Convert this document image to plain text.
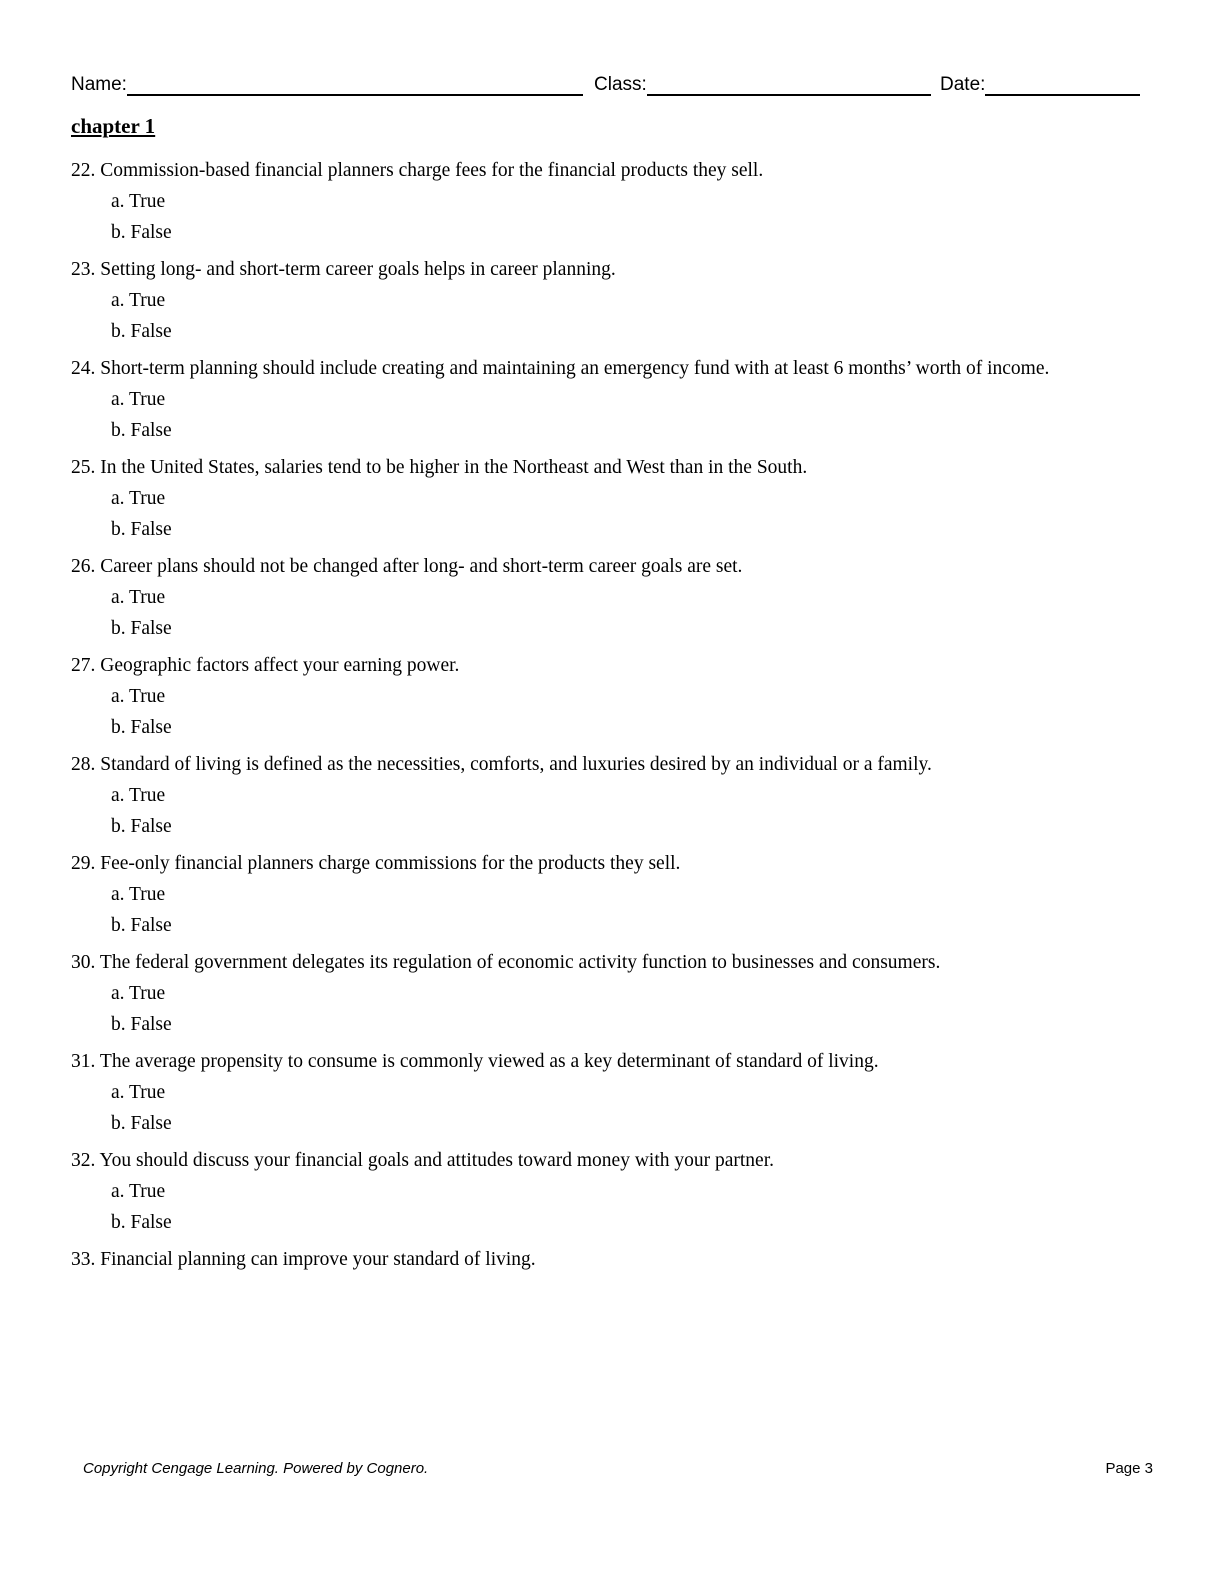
Name:	Class:	Date:
chapter 1
22. Commission-based financial planners charge fees for the financial products they sell.
a. True
b. False
23. Setting long- and short-term career goals helps in career planning.
a. True
b. False
24. Short-term planning should include creating and maintaining an emergency fund with at least 6 months’ worth of income.
a. True
b. False
25. In the United States, salaries tend to be higher in the Northeast and West than in the South.
a. True
b. False
26. Career plans should not be changed after long- and short-term career goals are set.
a. True
b. False
27. Geographic factors affect your earning power.
a. True
b. False
28. Standard of living is defined as the necessities, comforts, and luxuries desired by an individual or a family.
a. True
b. False
29. Fee-only financial planners charge commissions for the products they sell.
a. True
b. False
30. The federal government delegates its regulation of economic activity function to businesses and consumers.
a. True
b. False
31. The average propensity to consume is commonly viewed as a key determinant of standard of living.
a. True
b. False
32. You should discuss your financial goals and attitudes toward money with your partner.
a. True
b. False
33. Financial planning can improve your standard of living.
Copyright Cengage Learning. Powered by Cognero.	Page 3
